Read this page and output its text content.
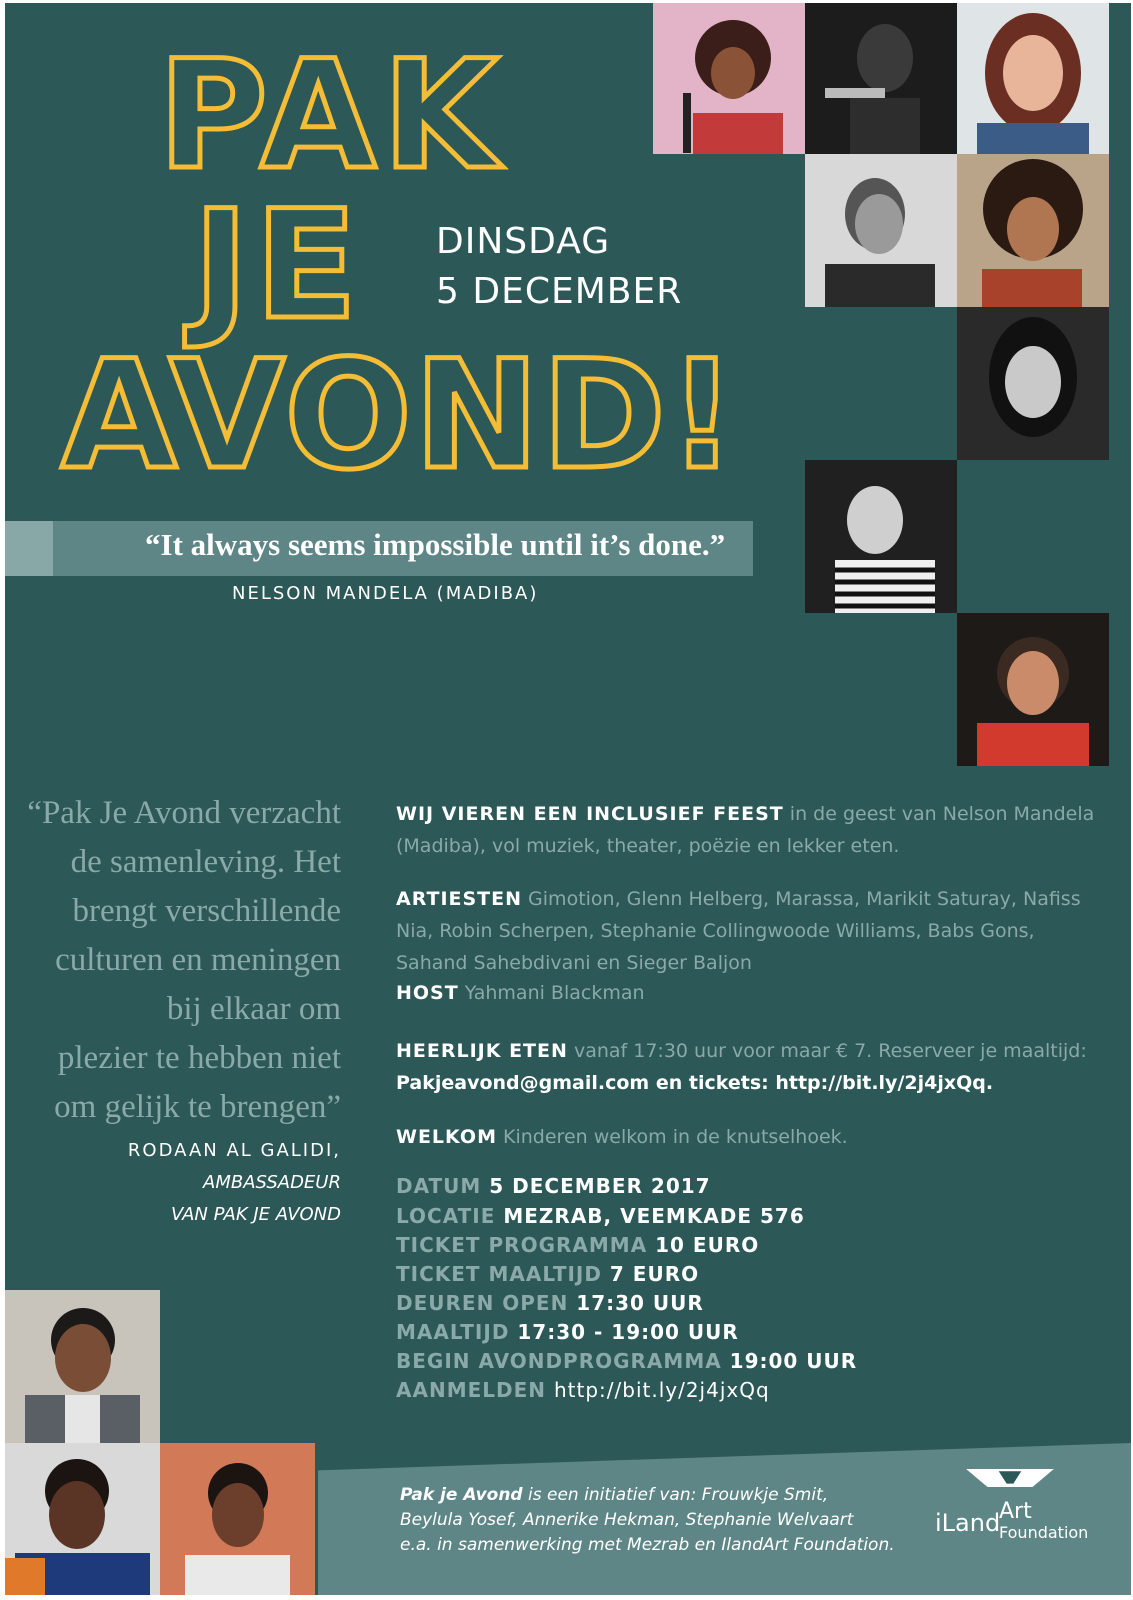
PAK
JE
AVOND!
DINSDAG
5 DECEMBER
“It always seems impossible until it’s done.”
NELSON MANDELA (MADIBA)
“Pak Je Avond verzacht
de samenleving. Het
brengt verschillende
culturen en meningen
bij elkaar om
plezier te hebben niet
om gelijk te brengen”
RODAAN AL GALIDI,
AMBASSADEUR
VAN PAK JE AVOND
WIJ VIEREN EEN INCLUSIEF FEEST in de geest van Nelson Mandela (Madiba), vol muziek, theater, poëzie en lekker eten.
ARTIESTEN Gimotion, Glenn Helberg, Marassa, Marikit Saturay, Nafiss Nia, Robin Scherpen, Stephanie Collingwoode Williams, Babs Gons, Sahand Sahebdivani en Sieger Baljon
HOST Yahmani Blackman
HEERLIJK ETEN vanaf 17:30 uur voor maar € 7. Reserveer je maaltijd: Pakjeavond@gmail.com en tickets: http://bit.ly/2j4jxQq.
WELKOM Kinderen welkom in de knutselhoek.
DATUM 5 DECEMBER 2017
LOCATIE MEZRAB, VEEMKADE 576
TICKET PROGRAMMA 10 EURO
TICKET MAALTIJD 7 EURO
DEUREN OPEN 17:30 UUR
MAALTIJD 17:30 - 19:00 UUR
BEGIN AVONDPROGRAMMA 19:00 UUR
AANMELDEN http://bit.ly/2j4jxQq
Pak je Avond is een initiatief van: Frouwkje Smit,
Beylula Yosef, Annerike Hekman, Stephanie Welvaart
e.a. in samenwerking met Mezrab en IlandArt Foundation.
iLand
Art
Foundation
